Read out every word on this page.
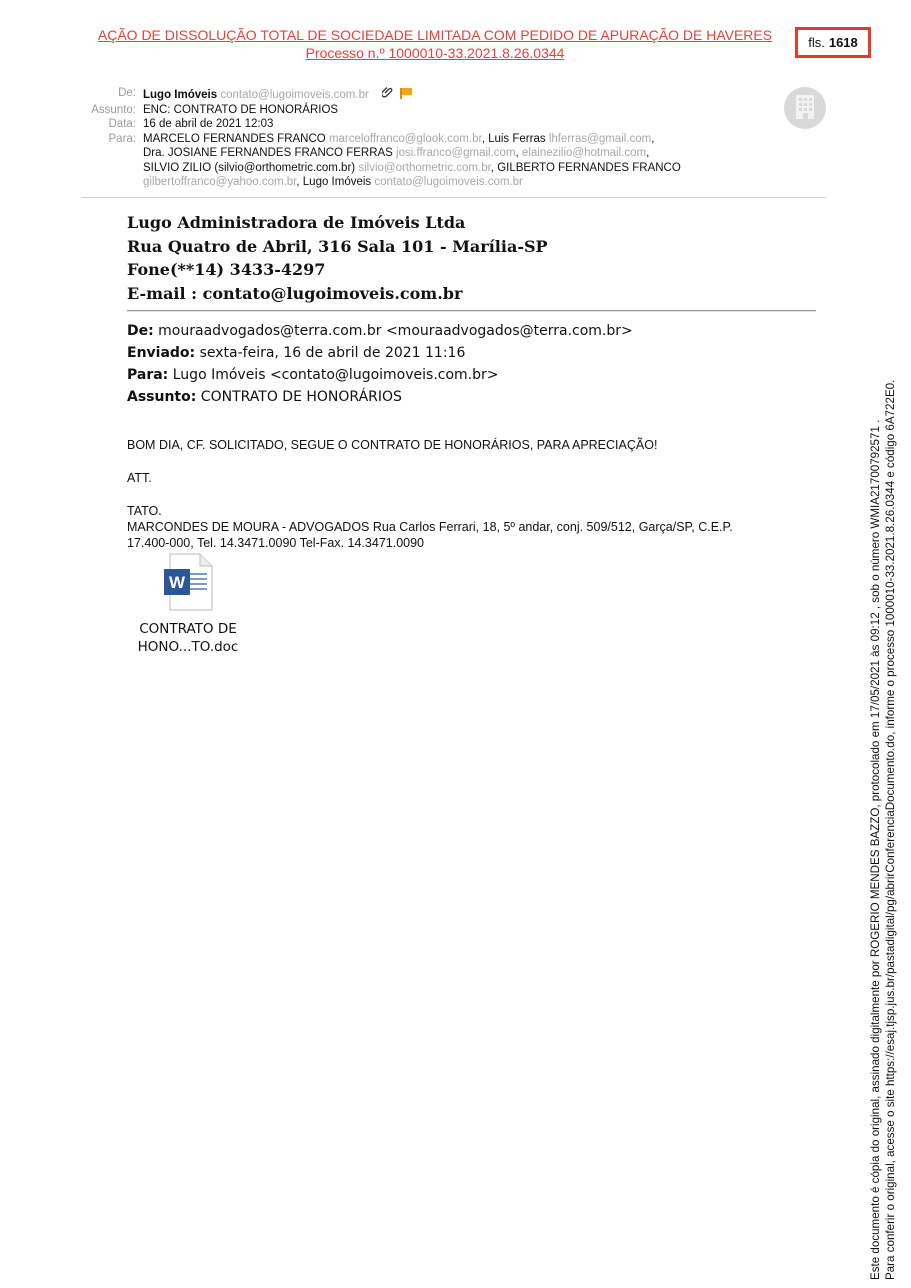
AÇÃO DE DISSOLUÇÃO TOTAL DE SOCIEDADE LIMITADA COM PEDIDO DE APURAÇÃO DE HAVERES
Processo n.º 1000010-33.2021.8.26.0344
fls. 1618
De: Lugo Imóveis contato@lugoimoveis.com.br
Assunto: ENC: CONTRATO DE HONORÁRIOS
Data: 16 de abril de 2021 12:03
Para: MARCELO FERNANDES FRANCO marceloffranco@glook.com.br, Luis Ferras lhferras@gmail.com,
Dra. JOSIANE FERNANDES FRANCO FERRAS josi.ffranco@gmail.com, elainezilio@hotmail.com,
SILVIO ZILIO (silvio@orthometric.com.br) silvio@orthometric.com.br, GILBERTO FERNANDES FRANCO
gilbertoffranco@yahoo.com.br, Lugo Imóveis contato@lugoimoveis.com.br
Lugo Administradora de Imóveis Ltda
Rua Quatro de Abril, 316 Sala 101 - Marília-SP
Fone(**14) 3433-4297
E-mail : contato@lugoimoveis.com.br
De: mouraadvogados@terra.com.br <mouraadvogados@terra.com.br>
Enviado: sexta-feira, 16 de abril de 2021 11:16
Para: Lugo Imóveis <contato@lugoimoveis.com.br>
Assunto: CONTRATO DE HONORÁRIOS

BOM DIA, CF. SOLICITADO, SEGUE O CONTRATO DE HONORÁRIOS, PARA APRECIAÇÃO!

ATT.

TATO.

MARCONDES DE MOURA - ADVOGADOS Rua Carlos Ferrari, 18, 5º andar, conj. 509/512, Garça/SP, C.E.P.

17.400-000, Tel. 14.3471.0090 Tel-Fax. 14.3471.0090

W
CONTRATO DE
HONO...TO.doc	Este documento é cópia do original, assinado digitalmente por ROGERIO MENDES BAZZO, protocolado em 17/05/2021 às 09:12 , sob o número WMIA21700792571 . Para conferir o original, acesse o site https://esaj.tjsp.jus.br/pastadigital/pg/abrirConferenciaDocumento.do, informe o processo 1000010-33.2021.8.26.0344 e código 6A722E0.
